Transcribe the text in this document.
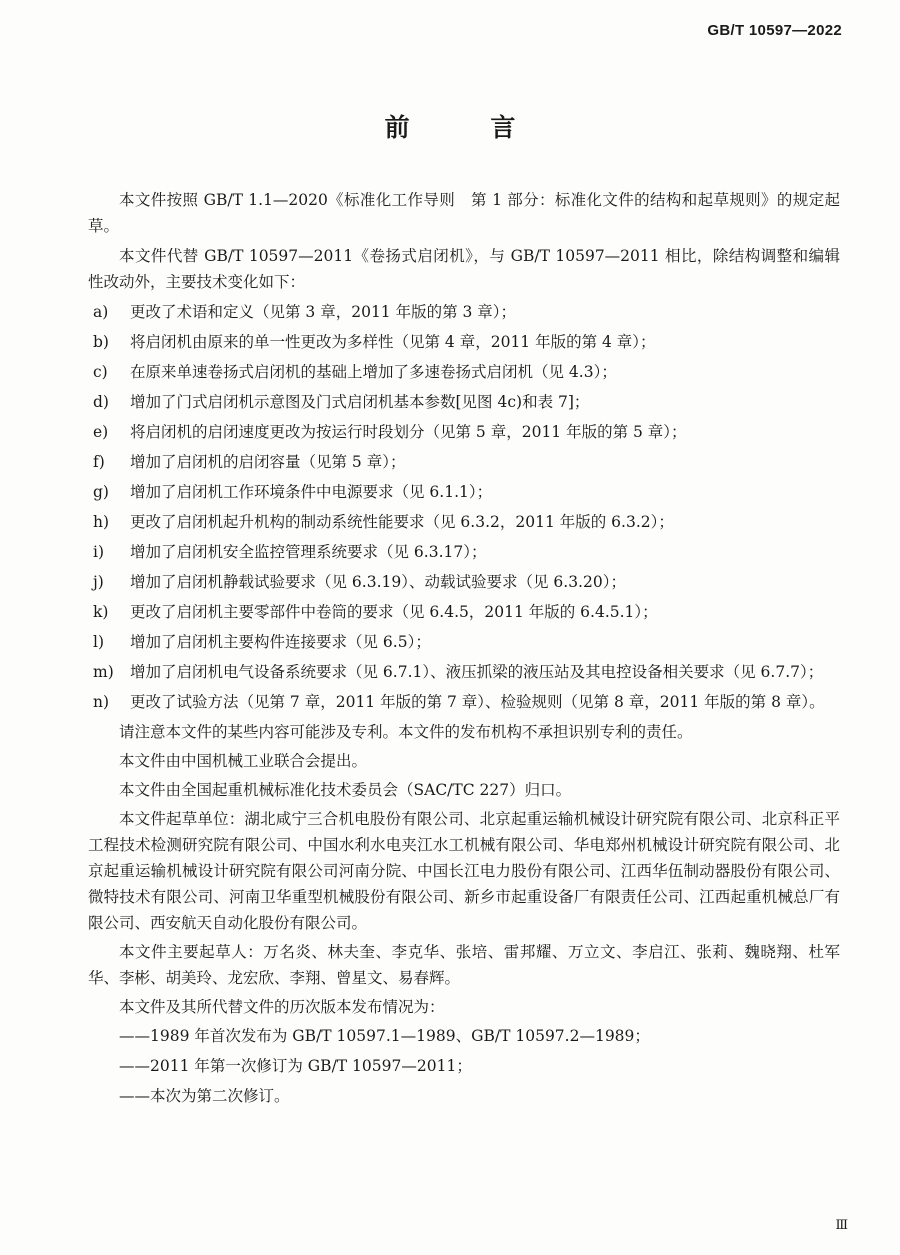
GB/T 10597—2022
前 言

本文件按照 GB/T 1.1—2020《标准化工作导则　第 1 部分：标准化文件的结构和起草规则》的规定起草。

本文件代替 GB/T 10597—2011《卷扬式启闭机》，与 GB/T 10597—2011 相比，除结构调整和编辑性改动外，主要技术变化如下：

a)	更改了术语和定义（见第 3 章，2011 年版的第 3 章）；
b)	将启闭机由原来的单一性更改为多样性（见第 4 章，2011 年版的第 4 章）；
c)	在原来单速卷扬式启闭机的基础上增加了多速卷扬式启闭机（见 4.3）；
d)	增加了门式启闭机示意图及门式启闭机基本参数[见图 4c)和表 7]；
e)	将启闭机的启闭速度更改为按运行时段划分（见第 5 章，2011 年版的第 5 章）；
f)	增加了启闭机的启闭容量（见第 5 章）；
g)	增加了启闭机工作环境条件中电源要求（见 6.1.1）；
h)	更改了启闭机起升机构的制动系统性能要求（见 6.3.2，2011 年版的 6.3.2）；
i)	增加了启闭机安全监控管理系统要求（见 6.3.17）；
j)	增加了启闭机静载试验要求（见 6.3.19）、动载试验要求（见 6.3.20）；
k)	更改了启闭机主要零部件中卷筒的要求（见 6.4.5，2011 年版的 6.4.5.1）；
l)	增加了启闭机主要构件连接要求（见 6.5）；
m)	增加了启闭机电气设备系统要求（见 6.7.1）、液压抓梁的液压站及其电控设备相关要求（见 6.7.7）；
n)	更改了试验方法（见第 7 章，2011 年版的第 7 章）、检验规则（见第 8 章，2011 年版的第 8 章）。

请注意本文件的某些内容可能涉及专利。本文件的发布机构不承担识别专利的责任。

本文件由中国机械工业联合会提出。

本文件由全国起重机械标准化技术委员会（SAC/TC 227）归口。

本文件起草单位：湖北咸宁三合机电股份有限公司、北京起重运输机械设计研究院有限公司、北京科正平工程技术检测研究院有限公司、中国水利水电夹江水工机械有限公司、华电郑州机械设计研究院有限公司、北京起重运输机械设计研究院有限公司河南分院、中国长江电力股份有限公司、江西华伍制动器股份有限公司、微特技术有限公司、河南卫华重型机械股份有限公司、新乡市起重设备厂有限责任公司、江西起重机械总厂有限公司、西安航天自动化股份有限公司。

本文件主要起草人：万名炎、林夫奎、李克华、张培、雷邦耀、万立文、李启江、张莉、魏晓翔、杜军华、李彬、胡美玲、龙宏欣、李翔、曾星文、易春辉。

本文件及其所代替文件的历次版本发布情况为：

——1989 年首次发布为 GB/T 10597.1—1989、GB/T 10597.2—1989；
——2011 年第一次修订为 GB/T 10597—2011；
——本次为第二次修订。
Ⅲ
